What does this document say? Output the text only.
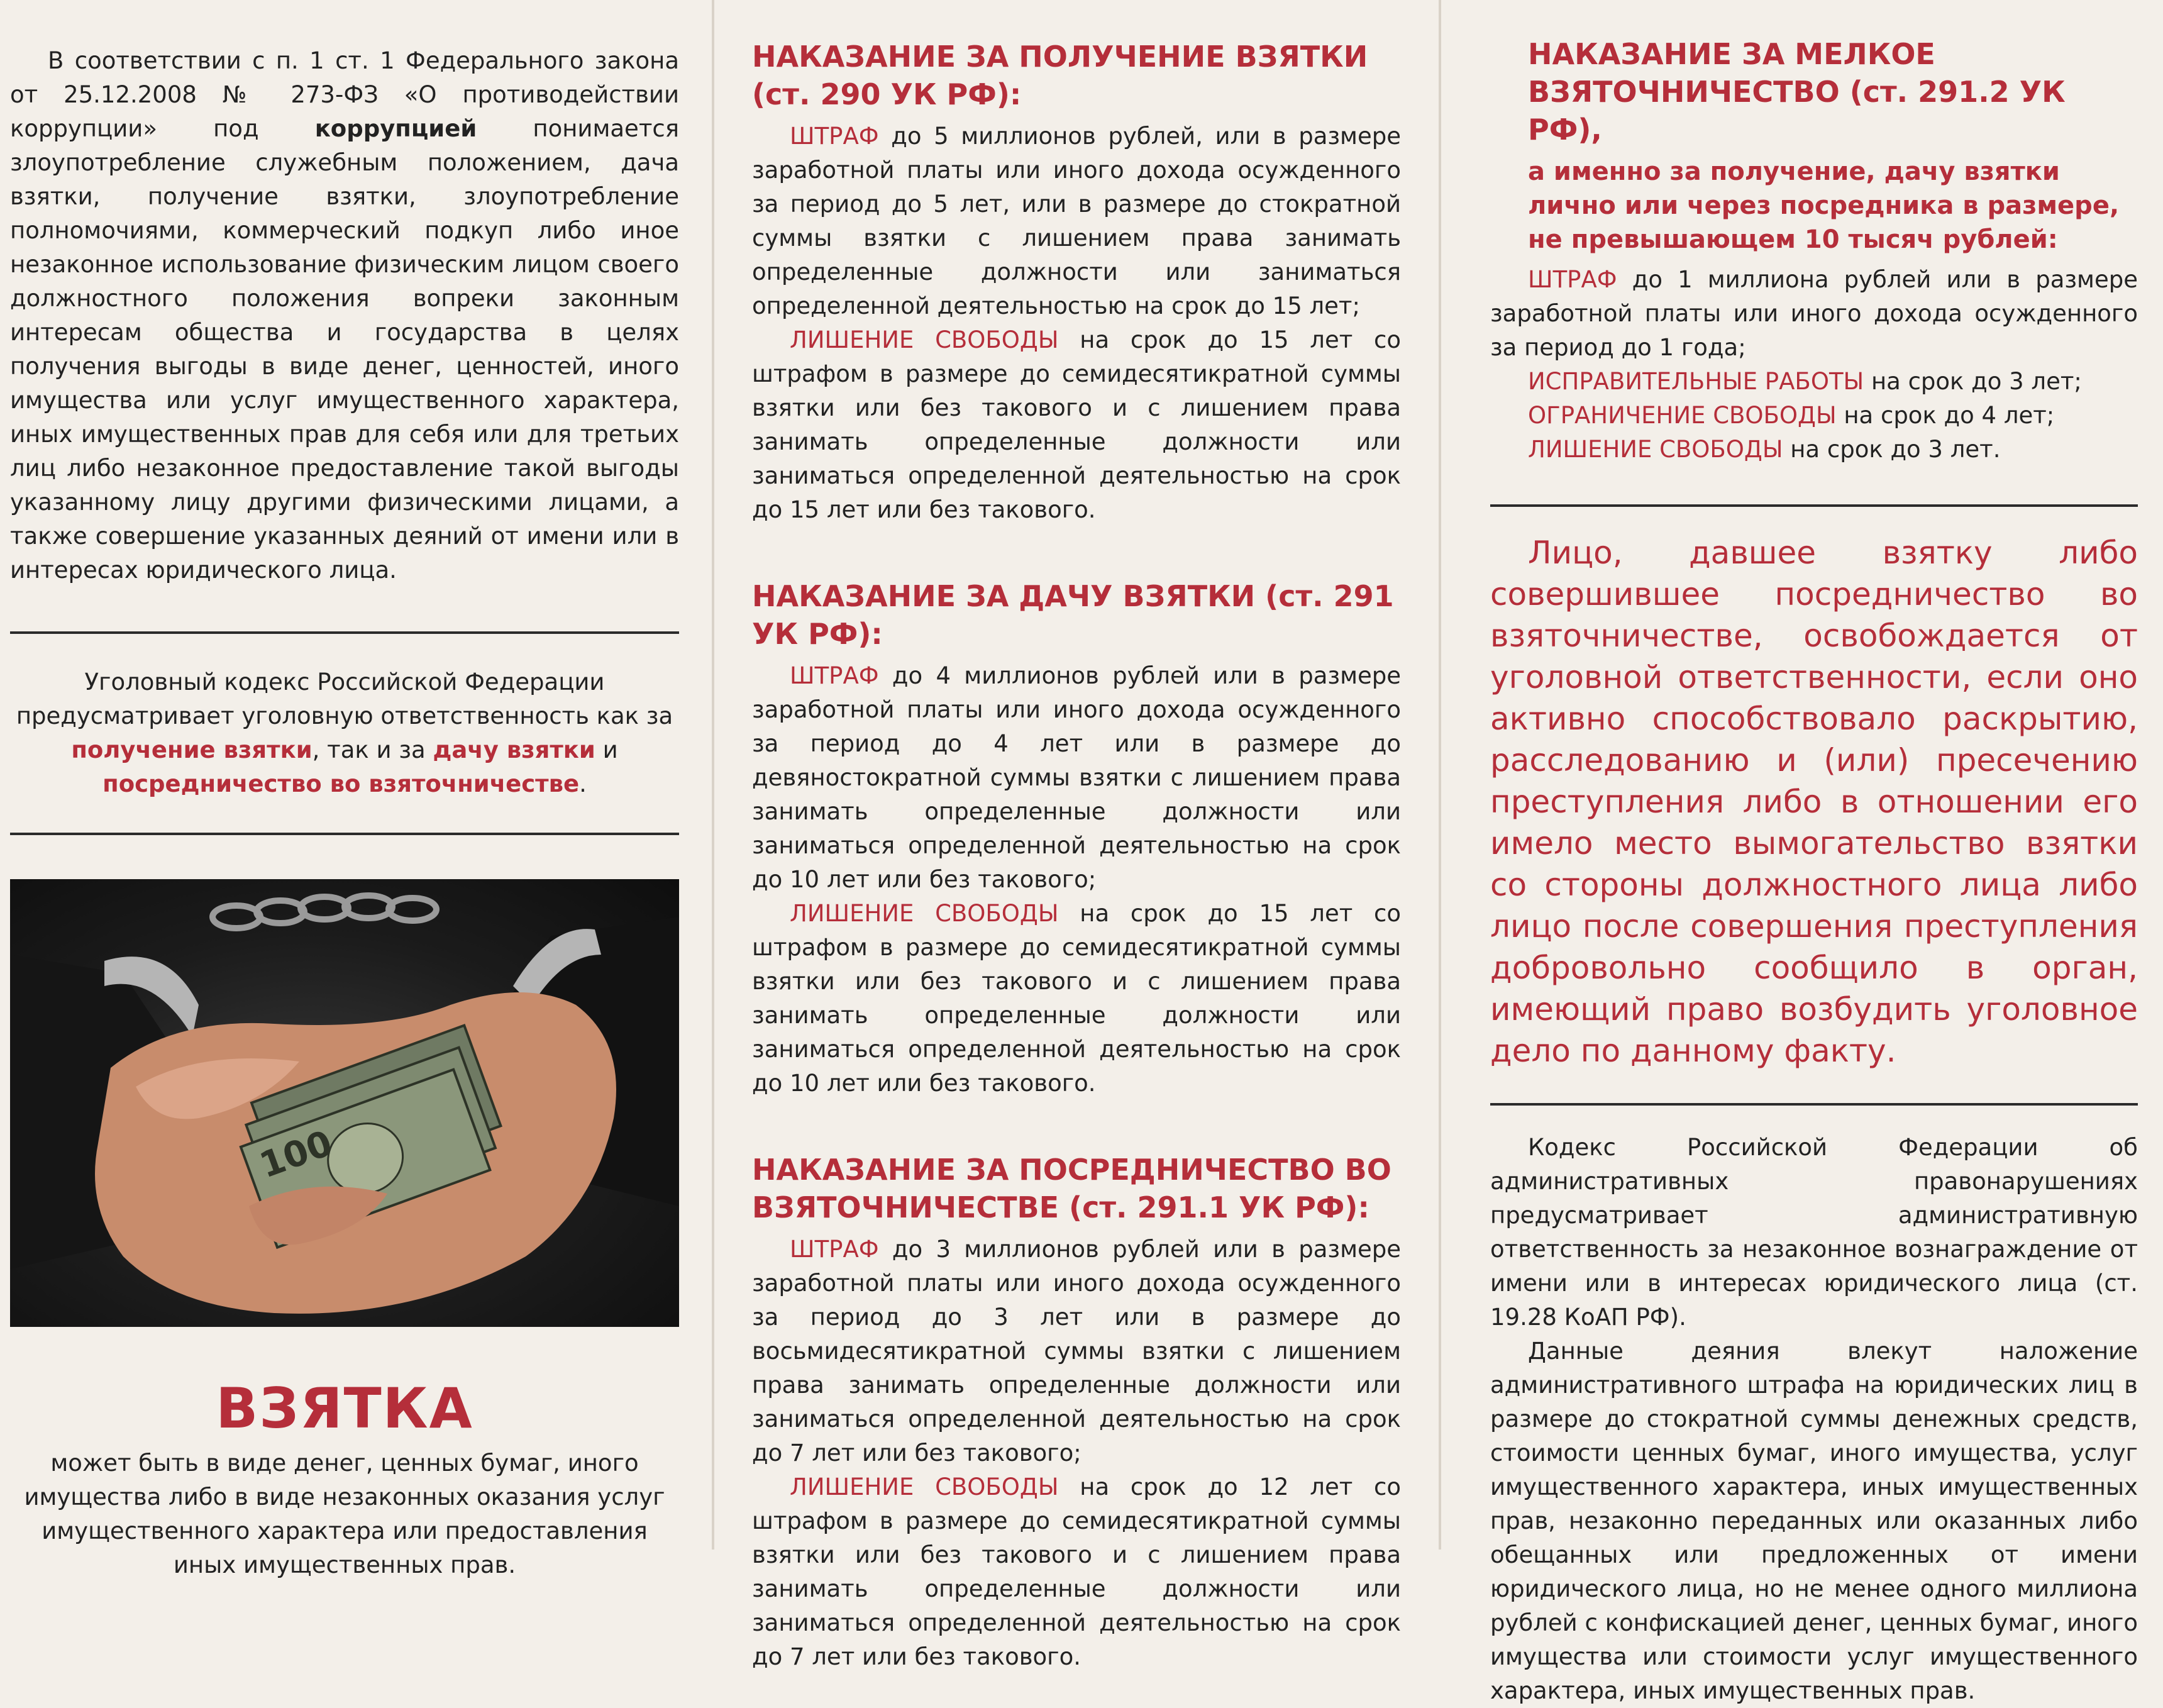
В соответствии с п. 1 ст. 1 Федерального закона от 25.12.2008 № 273-ФЗ «О противодействии коррупции» под коррупцией понимается злоупотребление служебным положением, дача взятки, получение взятки, злоупотребление полномочиями, коммерческий подкуп либо иное незаконное использование физическим лицом своего должностного положения вопреки законным интересам общества и государства в целях получения выгоды в виде денег, ценностей, иного имущества или услуг имущественного характера, иных имущественных прав для себя или для третьих лиц либо незаконное предоставление такой выгоды указанному лицу другими физическими лицами, а также совершение указанных деяний от имени или в интересах юридического лица.

Уголовный кодекс Российской Федерации предусматривает уголовную ответственность как за получение взятки, так и за дачу взятки и посредничество во взяточничестве.

100
ВЗЯТКА

может быть в виде денег, ценных бумаг, иного имущества либо в виде незаконных оказания услуг имущественного характера или предоставления иных имущественных прав.

НАКАЗАНИЕ ЗА ПОЛУЧЕНИЕ ВЗЯТКИ (ст. 290 УК РФ):

ШТРАФ до 5 миллионов рублей, или в размере заработной платы или иного дохода осужденного за период до 5 лет, или в размере до стократной суммы взятки с лишением права занимать определенные должности или заниматься определенной деятельностью на срок до 15 лет;

ЛИШЕНИЕ СВОБОДЫ на срок до 15 лет со штрафом в размере до семидесятикратной суммы взятки или без такового и с лишением права занимать определенные должности или заниматься определенной деятельностью на срок до 15 лет или без такового.

НАКАЗАНИЕ ЗА ДАЧУ ВЗЯТКИ (ст. 291 УК РФ):

ШТРАФ до 4 миллионов рублей или в размере заработной платы или иного дохода осужденного за период до 4 лет или в размере до девяностократной суммы взятки с лишением права занимать определенные должности или заниматься определенной деятельностью на срок до 10 лет или без такового;

ЛИШЕНИЕ СВОБОДЫ на срок до 15 лет со штрафом в размере до семидесятикратной суммы взятки или без такового и с лишением права занимать определенные должности или заниматься определенной деятельностью на срок до 10 лет или без такового.

НАКАЗАНИЕ ЗА ПОСРЕДНИЧЕСТВО ВО ВЗЯТОЧНИЧЕСТВЕ (ст. 291.1 УК РФ):

ШТРАФ до 3 миллионов рублей или в размере заработной платы или иного дохода осужденного за период до 3 лет или в размере до восьмидесятикратной суммы взятки с лишением права занимать определенные должности или заниматься определенной деятельностью на срок до 7 лет или без такового;

ЛИШЕНИЕ СВОБОДЫ на срок до 12 лет со штрафом в размере до семидесятикратной суммы взятки или без такового и с лишением права занимать определенные должности или заниматься определенной деятельностью на срок до 7 лет или без такового.

НАКАЗАНИЕ ЗА МЕЛКОЕ ВЗЯТОЧНИЧЕСТВО (ст. 291.2 УК РФ),

а именно за получение, дачу взятки лично или через посредника в размере, не превышающем 10 тысяч рублей:

ШТРАФ до 1 миллиона рублей или в размере заработной платы или иного дохода осужденного за период до 1 года;

ИСПРАВИТЕЛЬНЫЕ РАБОТЫ на срок до 3 лет;

ОГРАНИЧЕНИЕ СВОБОДЫ на срок до 4 лет;

ЛИШЕНИЕ СВОБОДЫ на срок до 3 лет.

Лицо, давшее взятку либо совершившее посредничество во взяточничестве, освобождается от уголовной ответственности, если оно активно способствовало раскрытию, расследованию и (или) пресечению преступления либо в отношении его имело место вымогательство взятки со стороны должностного лица либо лицо после совершения преступления добровольно сообщило в орган, имеющий право возбудить уголовное дело по данному факту.

Кодекс Российской Федерации об административных правонарушениях предусматривает административную ответственность за незаконное вознаграждение от имени или в интересах юридического лица (ст. 19.28 КоАП РФ).

Данные деяния влекут наложение административного штрафа на юридических лиц в размере до стократной суммы денежных средств, стоимости ценных бумаг, иного имущества, услуг имущественного характера, иных имущественных прав, незаконно переданных или оказанных либо обещанных или предложенных от имени юридического лица, но не менее одного миллиона рублей с конфискацией денег, ценных бумаг, иного имущества или стоимости услуг имущественного характера, иных имущественных прав.
